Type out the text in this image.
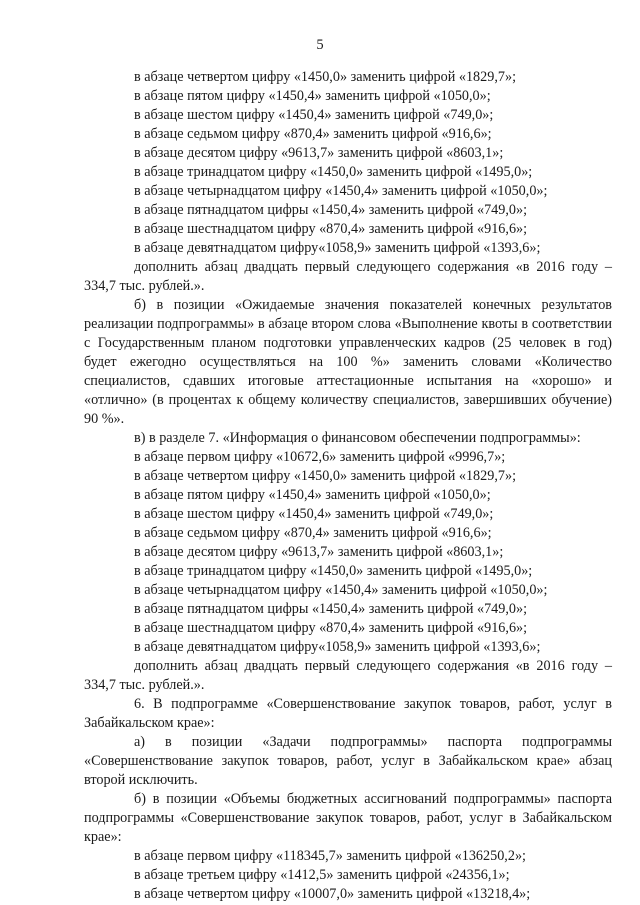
5

в абзаце четвертом цифру «1450,0» заменить цифрой «1829,7»;

в абзаце пятом цифру «1450,4» заменить цифрой «1050,0»;

в абзаце шестом цифру «1450,4» заменить цифрой «749,0»;

в абзаце седьмом цифру «870,4» заменить цифрой «916,6»;

в абзаце десятом цифру «9613,7» заменить цифрой «8603,1»;

в абзаце тринадцатом цифру «1450,0» заменить цифрой «1495,0»;

в абзаце четырнадцатом цифру «1450,4» заменить цифрой «1050,0»;

в абзаце пятнадцатом цифры «1450,4» заменить цифрой «749,0»;

в абзаце шестнадцатом цифру «870,4» заменить цифрой «916,6»;

в абзаце девятнадцатом цифру«1058,9» заменить цифрой «1393,6»;

дополнить абзац двадцать первый следующего содержания «в 2016 году – 334,7 тыс. рублей.».

б) в позиции «Ожидаемые значения показателей конечных результатов реализации подпрограммы» в абзаце втором слова «Выполнение квоты в соответствии с Государственным планом подготовки управленческих кадров (25 человек в год) будет ежегодно осуществляться на 100 %» заменить словами «Количество специалистов, сдавших итоговые аттестационные испытания на «хорошо» и «отлично» (в процентах к общему количеству специалистов, завершивших обучение) 90 %».

в) в разделе 7. «Информация о финансовом обеспечении подпрограммы»:

в абзаце первом цифру «10672,6» заменить цифрой «9996,7»;

в абзаце четвертом цифру «1450,0» заменить цифрой «1829,7»;

в абзаце пятом цифру «1450,4» заменить цифрой «1050,0»;

в абзаце шестом цифру «1450,4» заменить цифрой «749,0»;

в абзаце седьмом цифру «870,4» заменить цифрой «916,6»;

в абзаце десятом цифру «9613,7» заменить цифрой «8603,1»;

в абзаце тринадцатом цифру «1450,0» заменить цифрой «1495,0»;

в абзаце четырнадцатом цифру «1450,4» заменить цифрой «1050,0»;

в абзаце пятнадцатом цифры «1450,4» заменить цифрой «749,0»;

в абзаце шестнадцатом цифру «870,4» заменить цифрой «916,6»;

в абзаце девятнадцатом цифру«1058,9» заменить цифрой «1393,6»;

дополнить абзац двадцать первый следующего содержания «в 2016 году – 334,7 тыс. рублей.».

6. В подпрограмме «Совершенствование закупок товаров, работ, услуг в Забайкальском крае»:

а) в позиции «Задачи подпрограммы» паспорта подпрограммы «Совершенствование закупок товаров, работ, услуг в Забайкальском крае» абзац второй исключить.

б) в позиции «Объемы бюджетных ассигнований подпрограммы» паспорта подпрограммы «Совершенствование закупок товаров, работ, услуг в Забайкальском крае»:

в абзаце первом цифру «118345,7» заменить цифрой «136250,2»;

в абзаце третьем цифру «1412,5» заменить цифрой «24356,1»;

в абзаце четвертом цифру «10007,0» заменить цифрой «13218,4»;
